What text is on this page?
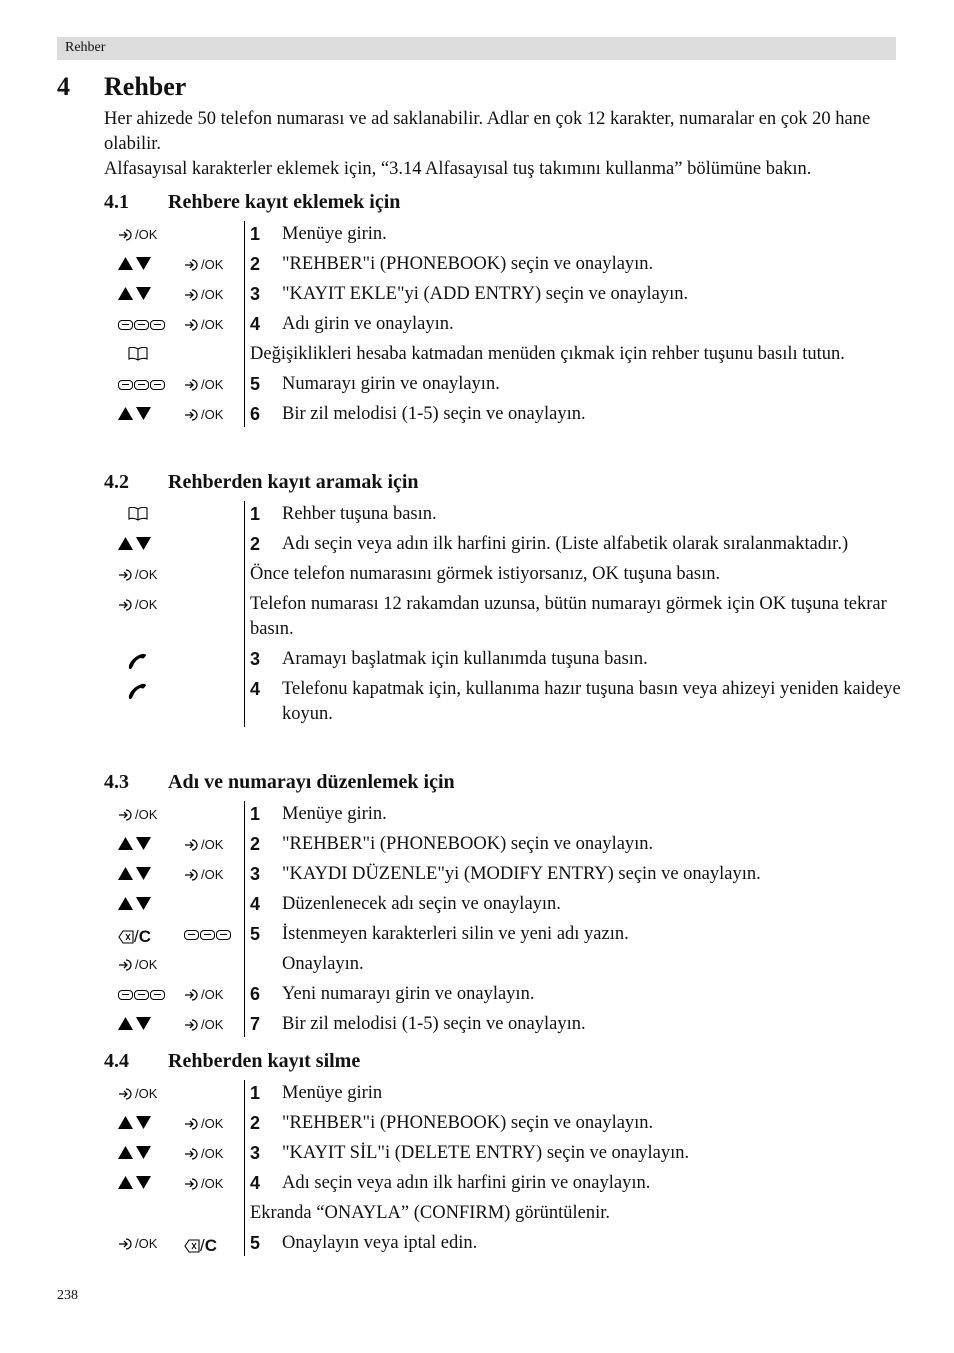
Rehber
4 Rehber

Her ahizede 50 telefon numarası ve ad saklanabilir. Adlar en çok 12 karakter, numaralar en çok 20 hane olabilir.

Alfasayısal karakterler eklemek için, “3.14 Alfasayısal tuş takımını kullanma” bölümüne bakın.

4.1 Rehbere kayıt eklemek için
/OK	1 Menüye girin.
/OK 2 "REHBER"i (PHONEBOOK) seçin ve onaylayın.
/OK 3 "KAYIT EKLE"yi (ADD ENTRY) seçin ve onaylayın.
/OK 4 Adı girin ve onaylayın.
Değişiklikleri hesaba katmadan menüden çıkmak için rehber tuşunu basılı tutun.
/OK 5 Numarayı girin ve onaylayın.
/OK 6 Bir zil melodisi (1-5) seçin ve onaylayın.
4.2 Rehberden kayıt aramak için
1 Rehber tuşuna basın.
2 Adı seçin veya adın ilk harfini girin. (Liste alfabetik olarak sıralanmaktadır.)
/OK	Önce telefon numarasını görmek istiyorsanız, OK tuşuna basın.
/OK	Telefon numarası 12 rakamdan uzunsa, bütün numarayı görmek için OK tuşuna tekrar basın.
3 Aramayı başlatmak için kullanımda tuşuna basın.
4 Telefonu kapatmak için, kullanıma hazır tuşuna basın veya ahizeyi yeniden kaideye koyun.
4.3 Adı ve numarayı düzenlemek için
/OK	1 Menüye girin.
/OK 2 "REHBER"i (PHONEBOOK) seçin ve onaylayın.
/OK 3 "KAYDI DÜZENLE"yi (MODIFY ENTRY) seçin ve onaylayın.
4 Düzenlenecek adı seçin ve onaylayın.
/ C	5 İstenmeyen karakterleri silin ve yeni adı yazın.
/OK	Onaylayın.
/OK 6 Yeni numarayı girin ve onaylayın.
/OK 7 Bir zil melodisi (1-5) seçin ve onaylayın.
4.4 Rehberden kayıt silme
/OK	1 Menüye girin
/OK 2 "REHBER"i (PHONEBOOK) seçin ve onaylayın.
/OK 3 "KAYIT SİL"i (DELETE ENTRY) seçin ve onaylayın.
/OK 4 Adı seçin veya adın ilk harfini girin ve onaylayın.
Ekranda “ONAYLA” (CONFIRM) görüntülenir.
/OK	/ C 5 Onaylayın veya iptal edin.
238
